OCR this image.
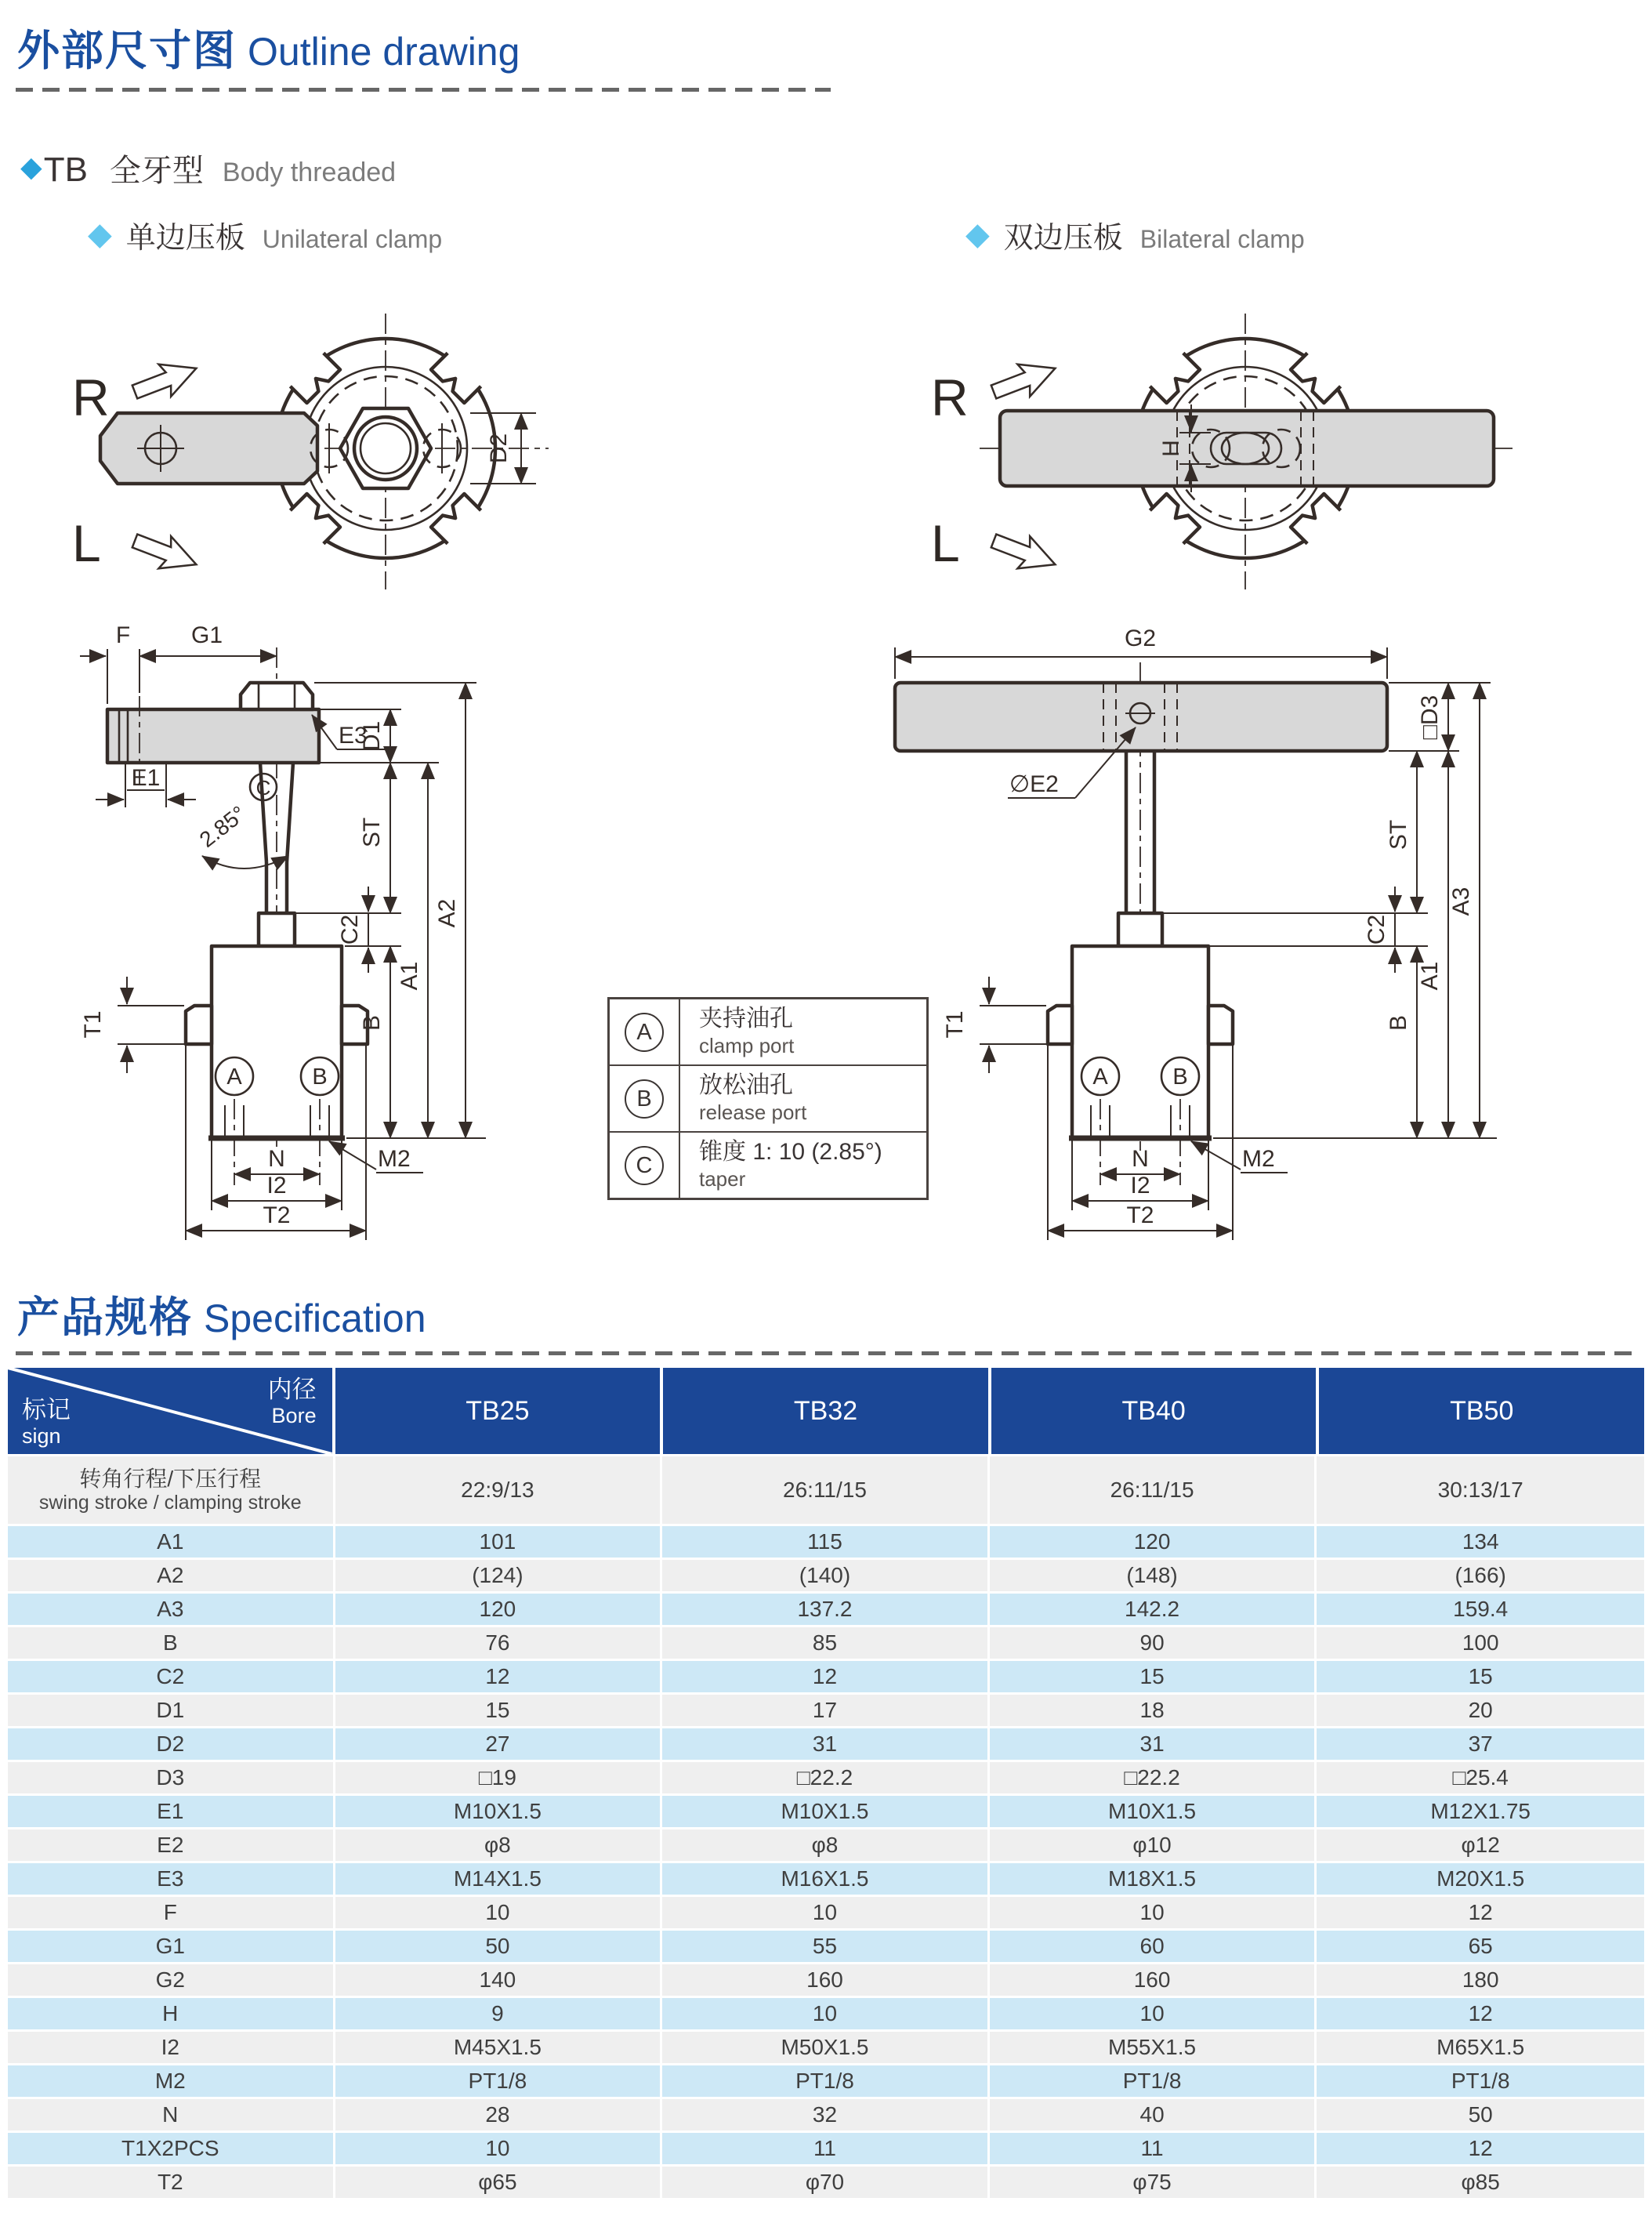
外部尺寸图 Outline drawing
◆TB 全牙型 Body threaded
◆ 单边压板 Unilateral clamp	◆ 双边压板 Bilateral clamp
D2
R
L
H
R
L
A	B
F	G1
E3
E1	C
2.85°
D1
ST
C2
B
A1
A2
T1
N
I2
T2
M2
G2
∅E2
A	B
□D3
ST
C2
B
A1
A3
T1
N
I2
T2
M2
A
夹持油孔
clamp port
B
放松油孔
release port
C
锥度 1: 10 (2.85°)
taper
产品规格 Specification
内径
Bore
标记
sign
TB25	TB32	TB40	TB50
转角行程/下压行程
swing stroke / clamping stroke
22:9/13	26:11/15	26:11/15	30:13/17
A1	101	115	120	134
A2	(124)	(140)	(148)	(166)
A3	120	137.2	142.2	159.4
B	76	85	90	100
C2	12	12	15	15
D1	15	17	18	20
D2	27	31	31	37
D3	□19	□22.2	□22.2	□25.4
E1	M10X1.5	M10X1.5	M10X1.5	M12X1.75
E2	φ8	φ8	φ10	φ12
E3	M14X1.5	M16X1.5	M18X1.5	M20X1.5
F	10	10	10	12
G1	50	55	60	65
G2	140	160	160	180
H	9	10	10	12
I2	M45X1.5	M50X1.5	M55X1.5	M65X1.5
M2	PT1/8	PT1/8	PT1/8	PT1/8
N	28	32	40	50
T1X2PCS	10	11	11	12
T2	φ65	φ70	φ75	φ85
